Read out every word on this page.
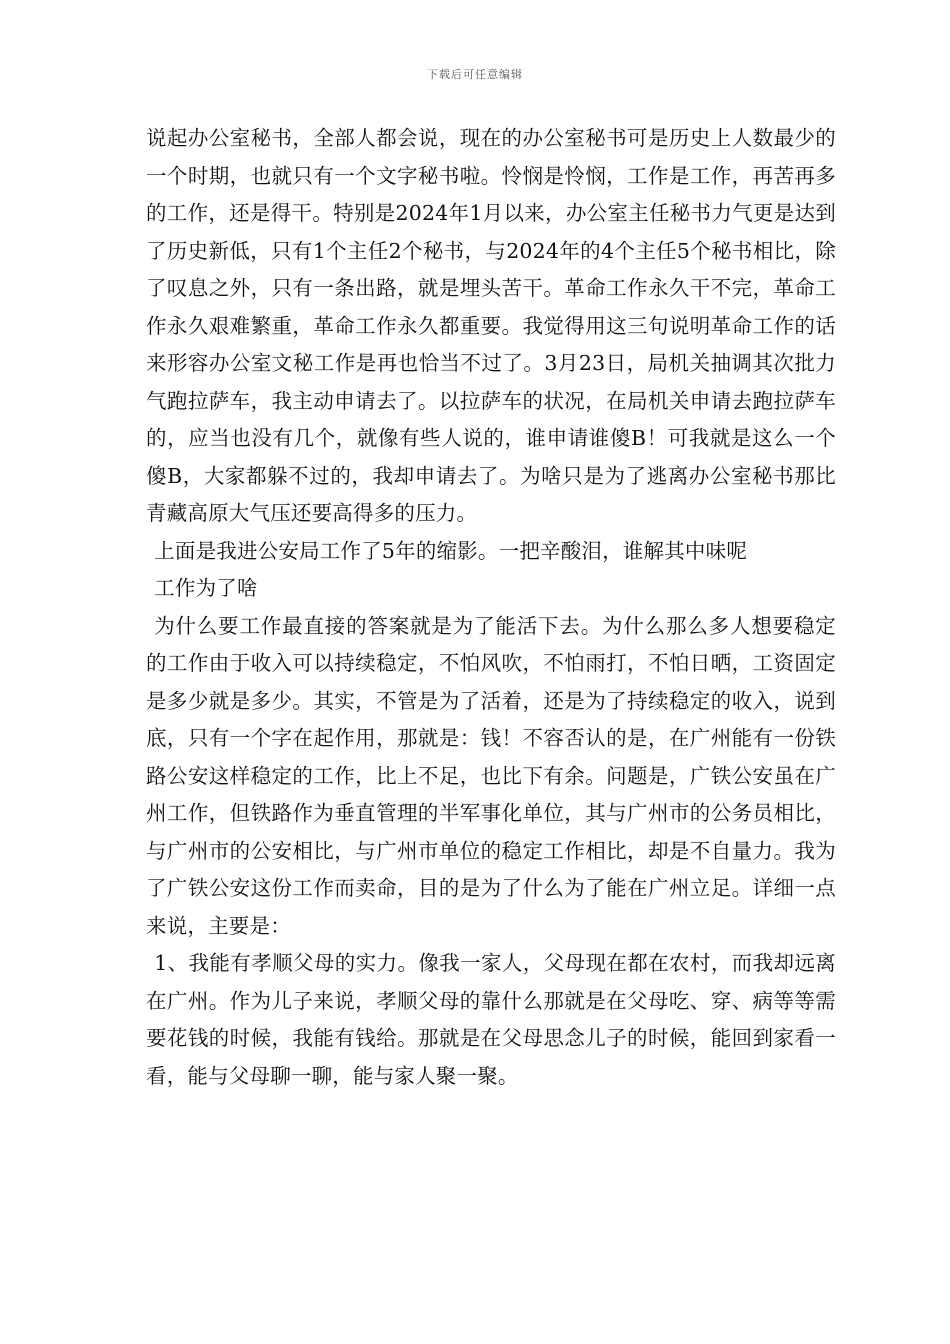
下载后可任意编辑

说起办公室秘书，全部人都会说，现在的办公室秘书可是历史上人数最少的一个时期，也就只有一个文字秘书啦。怜悯是怜悯，工作是工作，再苦再多的工作，还是得干。特别是2024年1月以来，办公室主任秘书力气更是达到了历史新低，只有1个主任2个秘书，与2024年的4个主任5个秘书相比，除了叹息之外，只有一条出路，就是埋头苦干。革命工作永久干不完，革命工作永久艰难繁重，革命工作永久都重要。我觉得用这三句说明革命工作的话来形容办公室文秘工作是再也恰当不过了。3月23日，局机关抽调其次批力气跑拉萨车，我主动申请去了。以拉萨车的状况，在局机关申请去跑拉萨车的，应当也没有几个，就像有些人说的，谁申请谁傻B！可我就是这么一个傻B，大家都躲不过的，我却申请去了。为啥只是为了逃离办公室秘书那比青藏高原大气压还要高得多的压力。

上面是我进公安局工作了5年的缩影。一把辛酸泪，谁解其中味呢

工作为了啥

为什么要工作最直接的答案就是为了能活下去。为什么那么多人想要稳定的工作由于收入可以持续稳定，不怕风吹，不怕雨打，不怕日晒，工资固定是多少就是多少。其实，不管是为了活着，还是为了持续稳定的收入，说到底，只有一个字在起作用，那就是：钱！不容否认的是，在广州能有一份铁路公安这样稳定的工作，比上不足，也比下有余。问题是，广铁公安虽在广州工作，但铁路作为垂直管理的半军事化单位，其与广州市的公务员相比，与广州市的公安相比，与广州市单位的稳定工作相比，却是不自量力。我为了广铁公安这份工作而卖命，目的是为了什么为了能在广州立足。详细一点来说，主要是：

1、我能有孝顺父母的实力。像我一家人，父母现在都在农村，而我却远离在广州。作为儿子来说，孝顺父母的靠什么那就是在父母吃、穿、病等等需要花钱的时候，我能有钱给。那就是在父母思念儿子的时候，能回到家看一看，能与父母聊一聊，能与家人聚一聚。
